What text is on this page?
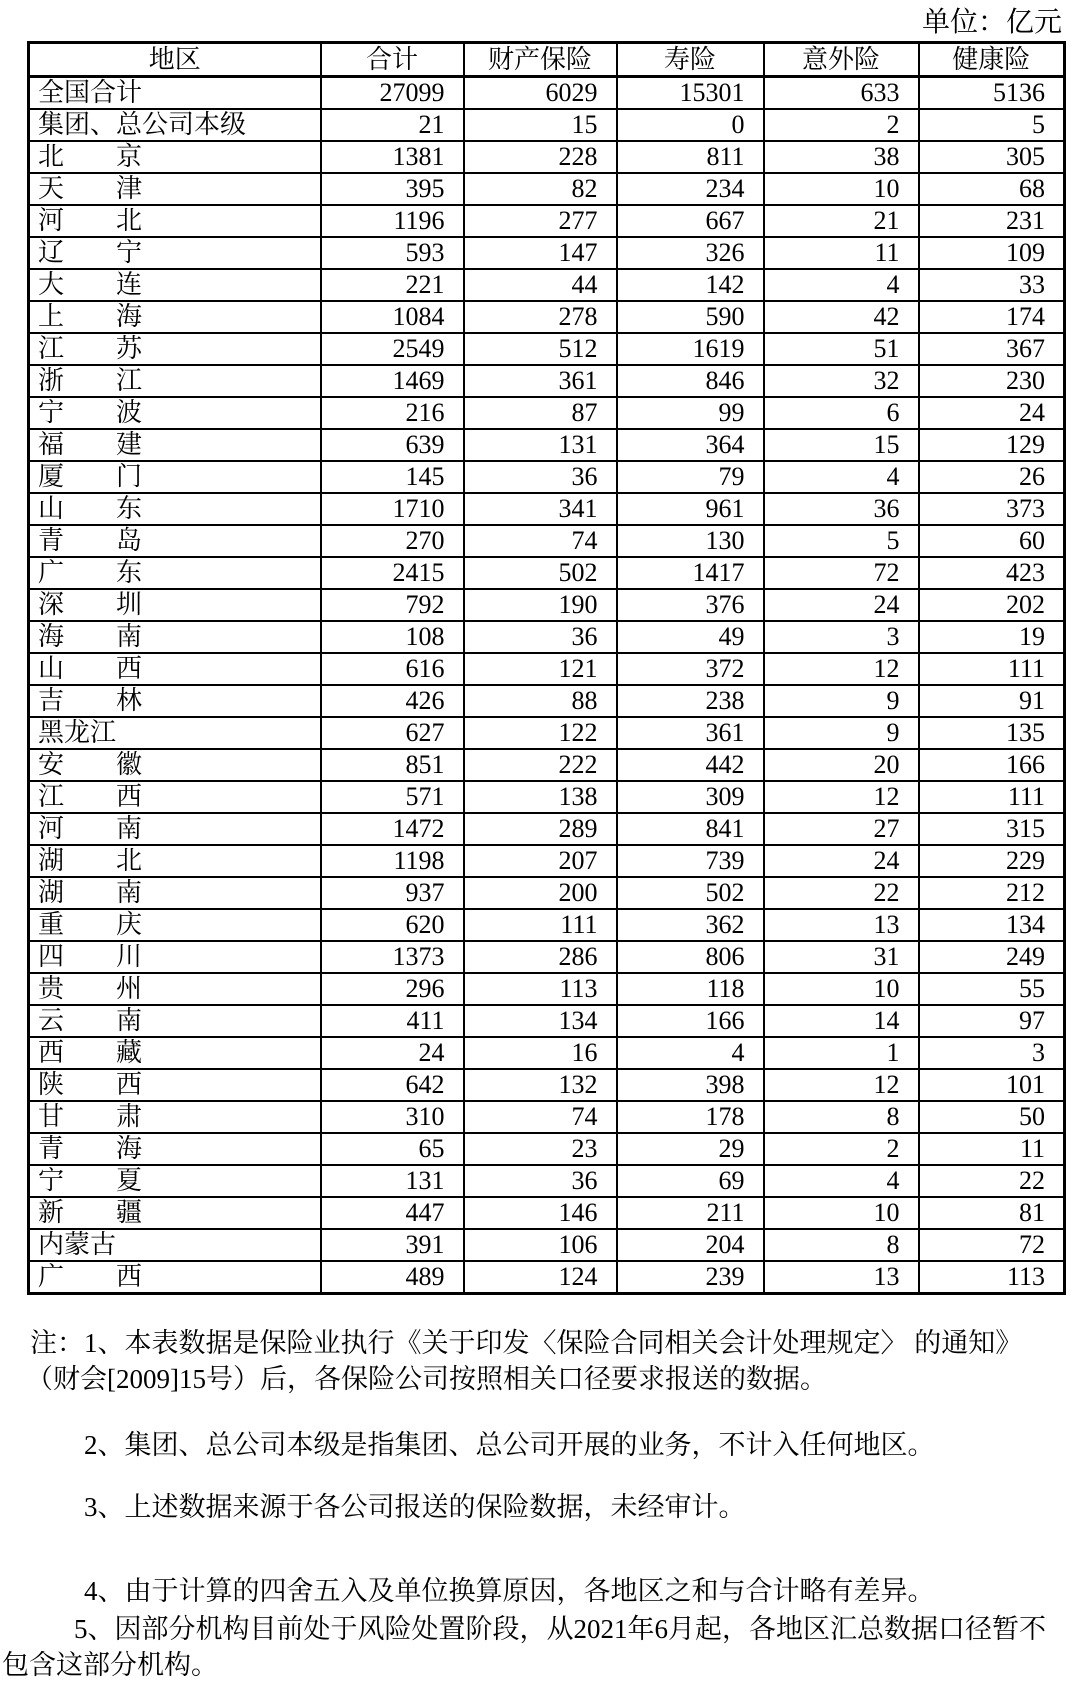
单位：亿元
地区	合计	财产保险	寿险	意外险	健康险
全国合计	27099	6029	15301	633	5136
集团、总公司本级	21	15	0	2	5
北　　京	1381	228	811	38	305
天　　津	395	82	234	10	68
河　　北	1196	277	667	21	231
辽　　宁	593	147	326	11	109
大　　连	221	44	142	4	33
上　　海	1084	278	590	42	174
江　　苏	2549	512	1619	51	367
浙　　江	1469	361	846	32	230
宁　　波	216	87	99	6	24
福　　建	639	131	364	15	129
厦　　门	145	36	79	4	26
山　　东	1710	341	961	36	373
青　　岛	270	74	130	5	60
广　　东	2415	502	1417	72	423
深　　圳	792	190	376	24	202
海　　南	108	36	49	3	19
山　　西	616	121	372	12	111
吉　　林	426	88	238	9	91
黑龙江	627	122	361	9	135
安　　徽	851	222	442	20	166
江　　西	571	138	309	12	111
河　　南	1472	289	841	27	315
湖　　北	1198	207	739	24	229
湖　　南	937	200	502	22	212
重　　庆	620	111	362	13	134
四　　川	1373	286	806	31	249
贵　　州	296	113	118	10	55
云　　南	411	134	166	14	97
西　　藏	24	16	4	1	3
陕　　西	642	132	398	12	101
甘　　肃	310	74	178	8	50
青　　海	65	23	29	2	11
宁　　夏	131	36	69	4	22
新　　疆	447	146	211	10	81
内蒙古	391	106	204	8	72
广　　西	489	124	239	13	113
注：1、本表数据是保险业执行《关于印发〈保险合同相关会计处理规定〉 的通知》
（财会[2009]15号）后，各保险公司按照相关口径要求报送的数据。
2、集团、总公司本级是指集团、总公司开展的业务，不计入任何地区。
3、上述数据来源于各公司报送的保险数据，未经审计。
4、由于计算的四舍五入及单位换算原因，各地区之和与合计略有差异。
5、因部分机构目前处于风险处置阶段，从2021年6月起，各地区汇总数据口径暂不
包含这部分机构。
